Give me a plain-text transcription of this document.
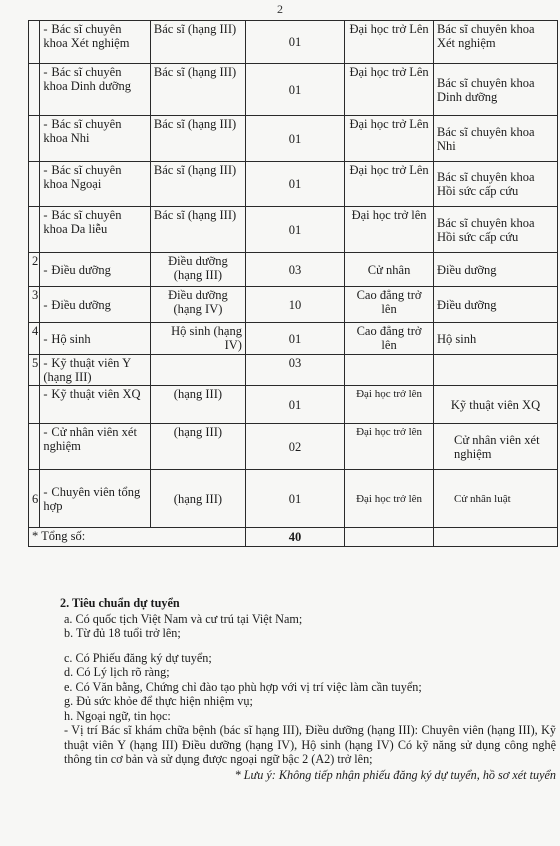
2
	- Bác sĩ chuyên khoa Xét nghiệm	Bác sĩ (hạng III)	01	Đại học trở Lên	Bác sĩ chuyên khoa Xét nghiệm
	- Bác sĩ chuyên khoa Dinh dưỡng	Bác sĩ (hạng III)	01	Đại học trở Lên	Bác sĩ chuyên khoa Dinh dưỡng
	- Bác sĩ chuyên khoa Nhi	Bác sĩ (hạng III)	01	Đại học trở Lên	Bác sĩ chuyên khoa Nhi
	- Bác sĩ chuyên khoa Ngoại	Bác sĩ (hạng III)	01	Đại học trở Lên	Bác sĩ chuyên khoa Hồi sức cấp cứu
	- Bác sĩ chuyên khoa Da liễu	Bác sĩ (hạng III)	01	Đại học trở lên	Bác sĩ chuyên khoa Hồi sức cấp cứu
2	- Điều dưỡng	Điều dưỡng (hạng III)	03	Cử nhân	Điều dưỡng
3	- Điều dưỡng	Điều dưỡng (hạng IV)	10	Cao đẳng trở lên	Điều dưỡng
4	- Hộ sinh	Hộ sinh (hạng IV)	01	Cao đẳng trở lên	Hộ sinh
5	- Kỹ thuật viên Y (hạng III)		03		
	- Kỹ thuật viên XQ	(hạng III)	01	Đại học trở lên	Kỹ thuật viên XQ
	- Cử nhân viên xét nghiệm	(hạng III)	02	Đại học trở lên	Cử nhân viên xét nghiệm
6	- Chuyên viên tổng hợp	(hạng III)	01	Đại học trở lên	Cử nhân luật
* Tổng số:			40		
2. Tiêu chuẩn dự tuyển
a. Có quốc tịch Việt Nam và cư trú tại Việt Nam;
b. Từ đủ 18 tuổi trở lên;
c. Có Phiếu đăng ký dự tuyển;
d. Có Lý lịch rõ ràng;
e. Có Văn bằng, Chứng chỉ đào tạo phù hợp với vị trí việc làm cần tuyển;
g. Đủ sức khỏe để thực hiện nhiệm vụ;
h. Ngoại ngữ, tin học:
- Vị trí Bác sĩ khám chữa bệnh (bác sĩ hạng III), Điều dưỡng (hạng III): Chuyên viên (hạng III), Kỹ thuật viên Y (hạng III) Điều dưỡng (hạng IV), Hộ sinh (hạng IV) Có kỹ năng sử dụng công nghệ thông tin cơ bản và sử dụng được ngoại ngữ bậc 2 (A2) trở lên;
* Lưu ý: Không tiếp nhận phiếu đăng ký dự tuyển, hồ sơ xét tuyển
